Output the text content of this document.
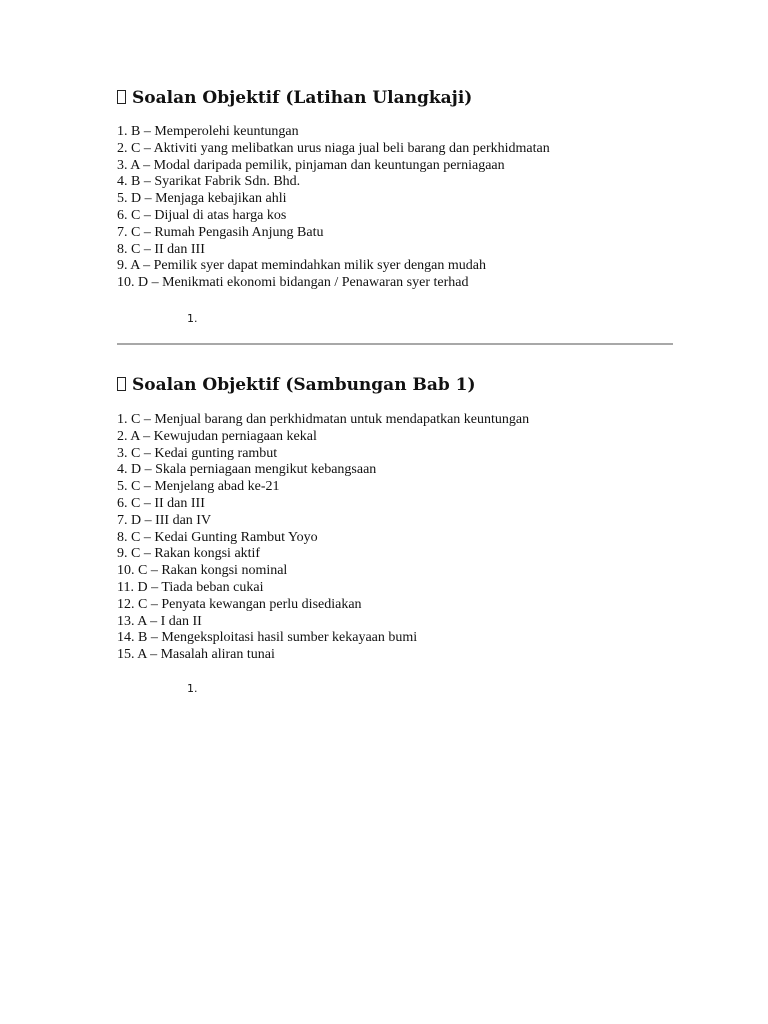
Soalan Objektif (Latihan Ulangkaji)
1. B – Memperolehi keuntungan
2. C – Aktiviti yang melibatkan urus niaga jual beli barang dan perkhidmatan
3. A – Modal daripada pemilik, pinjaman dan keuntungan perniagaan
4. B – Syarikat Fabrik Sdn. Bhd.
5. D – Menjaga kebajikan ahli
6. C – Dijual di atas harga kos
7. C – Rumah Pengasih Anjung Batu
8. C – II dan III
9. A – Pemilik syer dapat memindahkan milik syer dengan mudah
10. D – Menikmati ekonomi bidangan / Penawaran syer terhad
1.
Soalan Objektif (Sambungan Bab 1)
1. C – Menjual barang dan perkhidmatan untuk mendapatkan keuntungan
2. A – Kewujudan perniagaan kekal
3. C – Kedai gunting rambut
4. D – Skala perniagaan mengikut kebangsaan
5. C – Menjelang abad ke-21
6. C – II dan III
7. D – III dan IV
8. C – Kedai Gunting Rambut Yoyo
9. C – Rakan kongsi aktif
10. C – Rakan kongsi nominal
11. D – Tiada beban cukai
12. C – Penyata kewangan perlu disediakan
13. A – I dan II
14. B – Mengeksploitasi hasil sumber kekayaan bumi
15. A – Masalah aliran tunai
1.
